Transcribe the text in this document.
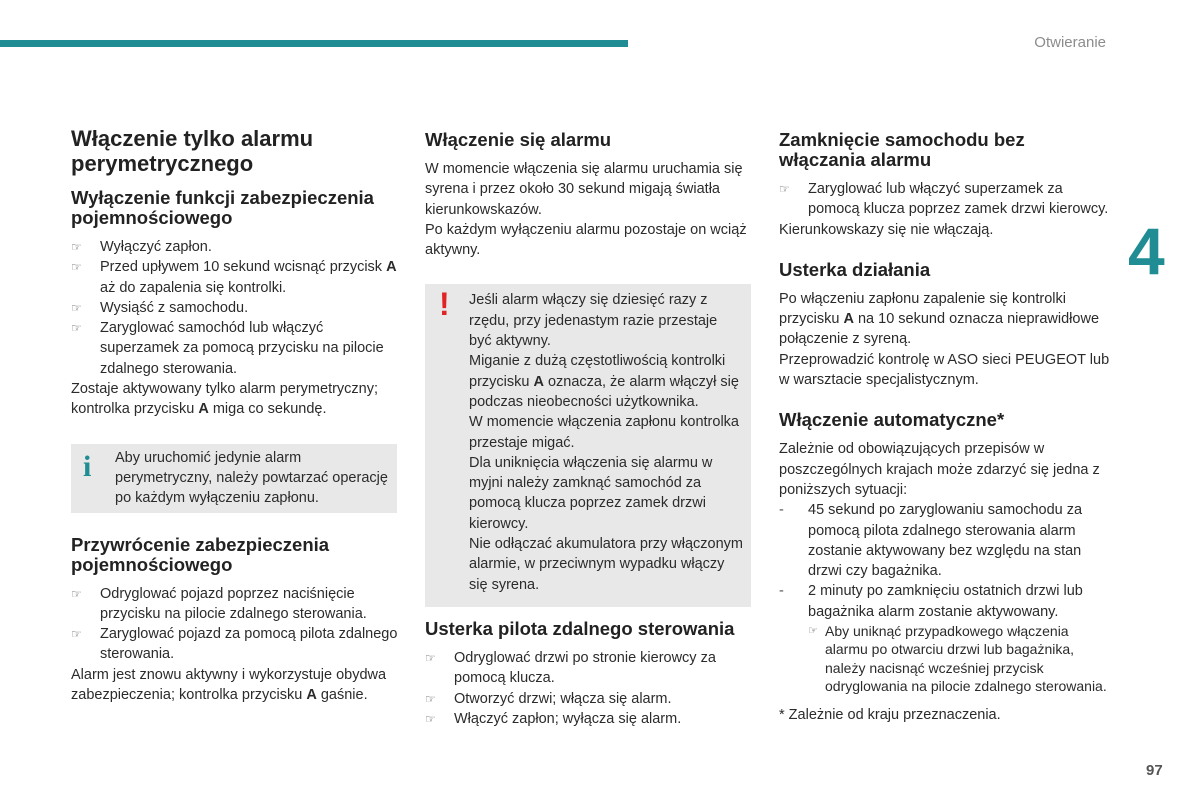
Otwieranie
4
97
Włączenie tylko alarmu perymetrycznego
Wyłączenie funkcji zabezpieczenia pojemnościowego
☞ Wyłączyć zapłon.
☞ Przed upływem 10 sekund wcisnąć przycisk A aż do zapalenia się kontrolki.
☞ Wysiąść z samochodu.
☞ Zaryglować samochód lub włączyć superzamek za pomocą przycisku na pilocie zdalnego sterowania.

Zostaje aktywowany tylko alarm perymetryczny; kontrolka przycisku A miga co sekundę.

i Aby uruchomić jedynie alarm perymetryczny, należy powtarzać operację po każdym wyłączeniu zapłonu.

Przywrócenie zabezpieczenia pojemnościowego
☞ Odryglować pojazd poprzez naciśnięcie przycisku na pilocie zdalnego sterowania.
☞ Zaryglować pojazd za pomocą pilota zdalnego sterowania.

Alarm jest znowu aktywny i wykorzystuje obydwa zabezpieczenia; kontrolka przycisku A gaśnie.

Włączenie się alarmu

W momencie włączenia się alarmu uruchamia się syrena i przez około 30 sekund migają światła kierunkowskazów.

Po każdym wyłączeniu alarmu pozostaje on wciąż aktywny.

! Jeśli alarm włączy się dziesięć razy z rzędu, przy jedenastym razie przestaje być aktywny.

Miganie z dużą częstotliwością kontrolki przycisku A oznacza, że alarm włączył się podczas nieobecności użytkownika.

W momencie włączenia zapłonu kontrolka przestaje migać.

Dla uniknięcia włączenia się alarmu w myjni należy zamknąć samochód za pomocą klucza poprzez zamek drzwi kierowcy.

Nie odłączać akumulatora przy włączonym alarmie, w przeciwnym wypadku włączy się syrena.

Usterka pilota zdalnego sterowania
☞ Odryglować drzwi po stronie kierowcy za pomocą klucza.
☞ Otworzyć drzwi; włącza się alarm.
☞ Włączyć zapłon; wyłącza się alarm.
Zamknięcie samochodu bez włączania alarmu
☞ Zaryglować lub włączyć superzamek za pomocą klucza poprzez zamek drzwi kierowcy.

Kierunkowskazy się nie włączają.

Usterka działania

Po włączeniu zapłonu zapalenie się kontrolki przycisku A na 10 sekund oznacza nieprawidłowe połączenie z syreną.

Przeprowadzić kontrolę w ASO sieci PEUGEOT lub w warsztacie specjalistycznym.

Włączenie automatyczne*

Zależnie od obowiązujących przepisów w poszczególnych krajach może zdarzyć się jedna z poniższych sytuacji:

- 45 sekund po zaryglowaniu samochodu za pomocą pilota zdalnego sterowania alarm zostanie aktywowany bez względu na stan drzwi czy bagażnika.
- 2 minuty po zamknięciu ostatnich drzwi lub bagażnika alarm zostanie aktywowany.
☞ Aby uniknąć przypadkowego włączenia alarmu po otwarciu drzwi lub bagażnika, należy nacisnąć wcześniej przycisk odryglowania na pilocie zdalnego sterowania.

* Zależnie od kraju przeznaczenia.
